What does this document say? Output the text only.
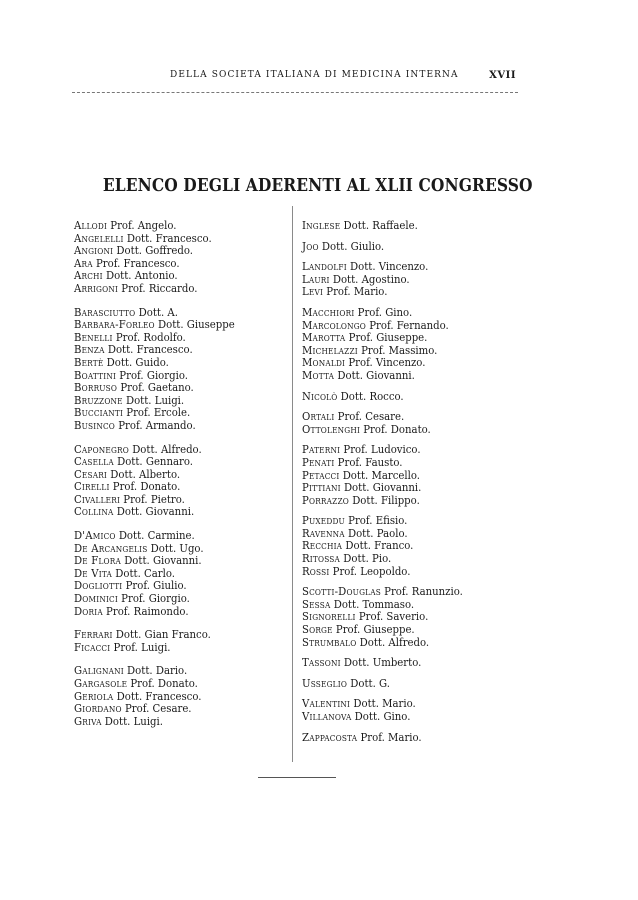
DELLA SOCIETA ITALIANA DI MEDICINA INTERNA	XVII
ELENCO DEGLI ADERENTI AL XLII CONGRESSO
Allodi Prof. Angelo.
Angelelli Dott. Francesco.
Angioni Dott. Goffredo.
Ara Prof. Francesco.
Archi Dott. Antonio.
Arrigoni Prof. Riccardo.
Barasciutto Dott. A.
Barbara-Forleo Dott. Giuseppe
Benelli Prof. Rodolfo.
Benza Dott. Francesco.
Bertè Dott. Guido.
Boattini Prof. Giorgio.
Borruso Prof. Gaetano.
Bruzzone Dott. Luigi.
Buccianti Prof. Ercole.
Businco Prof. Armando.
Caponegro Dott. Alfredo.
Casella Dott. Gennaro.
Cesari Dott. Alberto.
Cirelli Prof. Donato.
Civalleri Prof. Pietro.
Collina Dott. Giovanni.
D'Amico Dott. Carmine.
De Arcangelis Dott. Ugo.
De Flora Dott. Giovanni.
De Vita Dott. Carlo.
Dogliotti Prof. Giulio.
Dominici Prof. Giorgio.
Doria Prof. Raimondo.
Ferrari Dott. Gian Franco.
Ficacci Prof. Luigi.
Galignani Dott. Dario.
Gargasole Prof. Donato.
Geriola Dott. Francesco.
Giordano Prof. Cesare.
Griva Dott. Luigi.
Inglese Dott. Raffaele.
Joo Dott. Giulio.
Landolfi Dott. Vincenzo.
Lauri Dott. Agostino.
Levi Prof. Mario.
Macchiori Prof. Gino.
Marcolongo Prof. Fernando.
Marotta Prof. Giuseppe.
Michelazzi Prof. Massimo.
Monaldi Prof. Vincenzo.
Motta Dott. Giovanni.
Nicolò Dott. Rocco.
Ortali Prof. Cesare.
Ottolenghi Prof. Donato.
Paterni Prof. Ludovico.
Penati Prof. Fausto.
Petacci Dott. Marcello.
Pittiani Dott. Giovanni.
Porrazzo Dott. Filippo.
Puxeddu Prof. Efisio.
Ravenna Dott. Paolo.
Recchia Dott. Franco.
Ritossa Dott. Pio.
Rossi Prof. Leopoldo.
Scotti-Douglas Prof. Ranunzio.
Sessa Dott. Tommaso.
Signorelli Prof. Saverio.
Sorge Prof. Giuseppe.
Strumbalo Dott. Alfredo.
Tassoni Dott. Umberto.
Usseglio Dott. G.
Valentini Dott. Mario.
Villanova Dott. Gino.
Zappacosta Prof. Mario.
